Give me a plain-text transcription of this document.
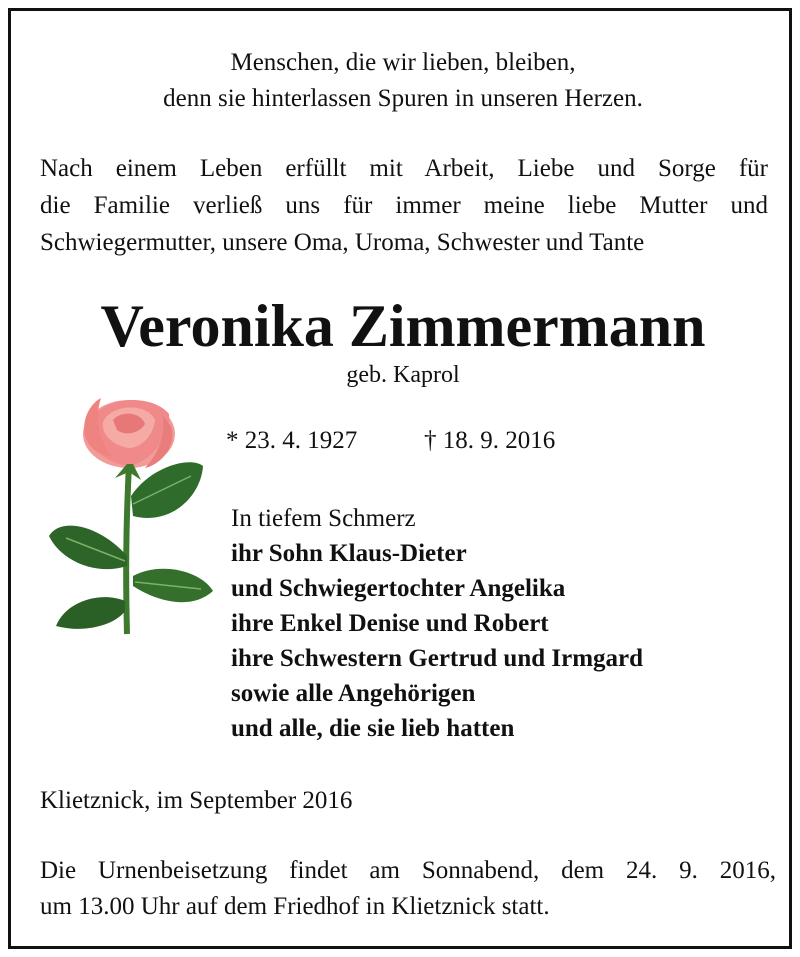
Menschen, die wir lieben, bleiben,
denn sie hinterlassen Spuren in unseren Herzen.
Nach einem Leben erfüllt mit Arbeit, Liebe und Sorge für
die Familie verließ uns für immer meine liebe Mutter und
Schwiegermutter, unsere Oma, Uroma, Schwester und Tante
Veronika Zimmermann
geb. Kaprol
* 23. 4. 1927	† 18. 9. 2016
In tiefem Schmerz
ihr Sohn Klaus-Dieter
und Schwiegertochter Angelika
ihre Enkel Denise und Robert
ihre Schwestern Gertrud und Irmgard
sowie alle Angehörigen
und alle, die sie lieb hatten
Klietznick, im September 2016
Die Urnenbeisetzung findet am Sonnabend, dem 24. 9. 2016,
um 13.00 Uhr auf dem Friedhof in Klietznick statt.
